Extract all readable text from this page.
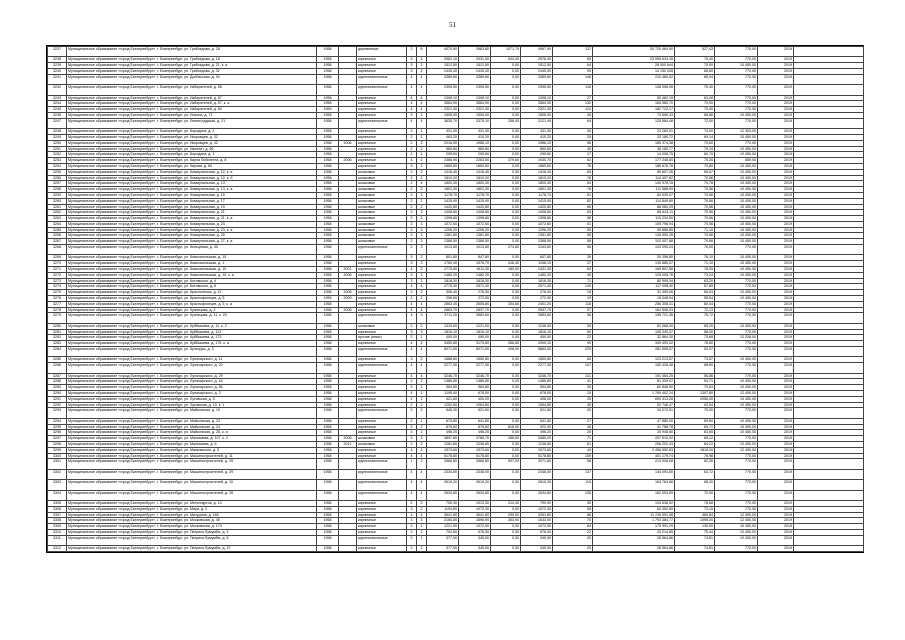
51
3237	Муниципальное образование «город Екатеринбург», г. Екатеринбург, ул. Грибоедова, д. 28	1958		деревянные	2	6	4070,60	3983,80	1071,79	4967,90	137	30 720 484,90	527,43	770,00	2019	
3238	Муниципальное образование «город Екатеринбург», г. Екатеринбург, ул. Грибоедова, д. 16	1958		кирпичные	3	4	2562,10	2031,50	544,40	2578,40	69	23 595 633,45	75,40	770,00	2019	
3239	Муниципальное образование «город Екатеринбург», г. Екатеринбург, ул. Грибоедова, д. 21, к. а	1958		кирпичные	3	3	1512,50	1512,50	0,00	1512,50	64	28 500 644	70,00	10 450,00	2019	
3240	Муниципальное образование «город Екатеринбург», г. Екатеринбург, ул. Грибоедова, д. 32	1958		кирпичные	3	4	2445,30	2445,30	0,00	2445,30	99	14 150 028	68,60	770,00	2019	
3241	Муниципальное образование «город Екатеринбург», г. Екатеринбург, ул. Донбасская, д. 34	1958		крупнопанельные	4	4	3389,60	3389,60	0,00	3389,60	146	210 460,02	65,04	770,00	2019	
3242	Муниципальное образование «город Екатеринбург», г. Екатеринбург, ул. Избирателей, д. 56	1958		крупнопанельные	4	4	2395,50	2395,50	0,00	2395,50	116	138 098,06	75,40	770,00	2019	
3243	Муниципальное образование «город Екатеринбург», г. Екатеринбург, ул. Избирателей, д. 57	1958		кирпичные	4	4	1398,10	1398,10	0,00	1398,10	27	50 462,15	63,08	770,00	2019	
3244	Муниципальное образование «город Екатеринбург», г. Екатеринбург, ул. Избирателей, д. 57, к. а	1958		кирпичные	4	4	3564,90	3564,90	0,00	3564,90	130	165 580,70	70,00	770,00	2019	
3245	Муниципальное образование «город Екатеринбург», г. Екатеринбург, ул. Избирателей, д. 60	1959		кирпичные	4	4	2321,30	2321,30	0,00	2321,30	112	182 722,17	75,40	770,00	2019	
3246	Муниципальное образование «город Екатеринбург», г. Екатеринбург, ул. Ильича, д. 71	1958		кирпичные	3	2	1506,00	1506,00	0,00	1506,00	46	73 596,33	68,86	10 450,00	2019	
3247	Муниципальное образование «город Екатеринбург», г. Екатеринбург, ул. Ленинградская, д. 21	1958		крупнопанельные	4	4	3635,70	3375,10	258,40	3121,40	64	125 584,48	72,00	770,00	2019	
3248	Муниципальное образование «город Екатеринбург», г. Екатеринбург, ул. Бородина, д. 2	1958		кирпичные	2	1	431,30	431,30	0,00	431,30	26	23 260,01	74,00	12 303,00	2019	
3249	Муниципальное образование «город Екатеринбург», г. Екатеринбург, ул. Искровцев, д. 32	1958		кирпичные	2	1	463,20	410,20	0,00	410,20	25	33 189,72	69,14	10 450,00	2019	
3250	Муниципальное образование «город Екатеринбург», г. Екатеринбург, ул. Искровцев, д. 42	1958	2006	кирпичные	2	3	2016,50	1986,10	0,00	1986,10	56	185 374,38	70,60	770,00	2019	
3251	Муниципальное образование «город Екатеринбург», г. Екатеринбург, ул. Изоплит, д. 66	1958		кирпичные	2	2	560,60	560,60	0,00	560,60	40	38 180,77	75,19	10 450,00	2019	
3252	Муниципальное образование «город Екатеринбург», г. Екатеринбург, ул. Бородина, д. 1	1958		кирпичные	2	1	295,60	295,60	0,00	295,60	17	14 006,75	60,70	10 450,00	2019	
3253	Муниципальное образование «город Екатеринбург», г. Екатеринбург, ул. Карла Либкнехта, д. 8	1958	2006	кирпичные	4	2	2466,90	2263,50	379,60	1930,70	62	177 248,50	75,26	859,00	2019	
3254	Муниципальное образование «город Екатеринбург», г. Екатеринбург, ул. Кирова, д. 60	1958		кирпичные	3	3	1860,60	1860,60	0,00	1860,60	76	186 676,78	73,80	10 450,00	2019	
3255	Муниципальное образование «город Екатеринбург», г. Екатеринбург, ул. Коммунальная, д. 12, к. а	1958		шлаковые	2	2	1418,40	1418,40	0,00	1418,40	60	89 607,26	69,57	10 450,00	2019	
3256	Муниципальное образование «город Екатеринбург», г. Екатеринбург, ул. Коммунальная, д. 12, к. б	1958		шлаковые	2	2	1810,20	1810,20	0,00	1810,20	76	114 407,82	70,56	10 450,00	2019	
3257	Муниципальное образование «город Екатеринбург», г. Екатеринбург, ул. Коммунальная, д. 13	1958		шлаковые	2	4	1800,30	1800,30	0,00	1800,30	64	140 976,15	70,78	10 450,00	2019	
3258	Муниципальное образование «город Екатеринбург», г. Екатеринбург, ул. Коммунальная, д. 13, к. а	1958		шлаковые	2	3	1801,30	1801,30	0,00	1801,30	76	111 588,09	70,56	10 450,00	2019	
3259	Муниципальное образование «город Екатеринбург», г. Екатеринбург, ул. Коммунальная, д. 15	1958		шлаковые	2	3	1178,70	1178,70	0,00	1178,70	51	84 939,07	70,56	10 450,00	2019	
3260	Муниципальное образование «город Екатеринбург», г. Екатеринбург, ул. Коммунальная, д. 17	1958		шлаковые	2	2	1415,90	1415,90	0,00	1415,90	62	114 849,60	70,56	10 450,00	2019	
3261	Муниципальное образование «город Екатеринбург», г. Екатеринбург, ул. Коммунальная, д. 19	1958		шлаковые	2	2	1420,80	1420,80	0,00	1420,80	66	88 060,29	70,56	10 450,00	2019	
3262	Муниципальное образование «город Екатеринбург», г. Екатеринбург, ул. Коммунальная, д. 21	1958		шлаковые	2	3	1408,60	1408,60	0,00	1408,60	63	88 643,11	70,56	10 450,00	2019	
3263	Муниципальное образование «город Екатеринбург», г. Екатеринбург, ул. Коммунальная, д. 21, к. а	1958		шлаковые	2	3	1398,80	1398,80	0,00	1398,80	58	110 234,50	70,56	10 450,00	2019	
3264	Муниципальное образование «город Екатеринбург», г. Екатеринбург, ул. Коммунальная, д. 23	1958		шлаковые	2	3	1072,60	1072,60	0,00	1072,60	51	105 798,94	70,56	10 450,00	2019	
3265	Муниципальное образование «город Екатеринбург», г. Екатеринбург, ул. Коммунальная, д. 23, к. а	1958		шлаковые	2	3	1296,20	1296,20	0,00	1296,20	59	99 886,85	71,10	10 450,00	2019	
3266	Муниципальное образование «город Екатеринбург», г. Екатеринбург, ул. Коммунальная, д. 25	1958		шлаковые	2	3	1381,80	1381,80	0,00	1381,80	56	136 500,28	70,56	10 450,00	2019	
3267	Муниципальное образование «город Екатеринбург», г. Екатеринбург, ул. Коммунальная, д. 27, к. а	1958		шлаковые	2	3	1368,50	1368,50	0,00	1368,50	58	102 407,88	70,56	10 450,00	2019	
3268	Муниципальное образование «город Екатеринбург», г. Екатеринбург, ул. Кольцевая, д. 40	1958		крупнопанельные	2	3	1013,80	1013,80	274,80	1343,60	56	103 095,24	76,00	770,00	2019	
3269	Муниципальное образование «город Екатеринбург», г. Екатеринбург, ул. Комсомольская, д. 15	1958		кирпичные	3	2	801,80	847,80	0,00	847,80	39	30 358,80	76,10	10 450,00	2019	
3270	Муниципальное образование «город Екатеринбург», г. Екатеринбург, ул. Комсомольская, д. 1	1958		кирпичные	3	3	1760,40	1576,70	416,40	1158,10	37	135 885,07	71,10	10 450,00	2019	
3271	Муниципальное образование «город Екатеринбург», г. Екатеринбург, ул. Комсомольская, д. 10	1958	2001	кирпичные	4	3	1775,80	1611,30	180,00	1431,30	62	169 807,58	78,05	10 450,00	2019	
3272	Муниципальное образование «город Екатеринбург», г. Екатеринбург, ул. Комсомольская, д. 10, к. а	1958	2008	кирпичные	3	3	1480,20	1482,20	0,00	1482,20	49	125 005,76	73,24	10 450,00	2019	
3273	Муниципальное образование «город Екатеринбург», г. Екатеринбург, ул. Котовского, д. 4	1958		кирпичные	3	3	1818,30	1818,30	0,00	1818,30	71	80 995,34	63,20	770,00	2019	
3274	Муниципальное образование «город Екатеринбург», г. Екатеринбург, ул. Котовского, д. 8	1958		кирпичные	4	4	2775,30	2571,30	0,00	2571,30	140	117 098,40	57,85	770,00	2019	
3275	Муниципальное образование «город Екатеринбург», г. Екатеринбург, ул. Краснолесья, д. 11	1958	2008	кирпичные	2	2	306,40	276,00	0,00	276,00	15	31 359,06	65,03	10 450,00	2019	
3276	Муниципальное образование «город Екатеринбург», г. Екатеринбург, ул. Краснофлотцев, д. 5	1959	2009	кирпичные	2	2	296,60	272,90	0,00	272,90	19	18 048,94	55,54	10 450,00	2019	
3277	Муниципальное образование «город Екатеринбург», г. Екатеринбург, ул. Краснофлотцев, д. 9, к. а	1958		кирпичные	4	4	2863,40	2605,80	204,60	2401,20	118	256 308,31	80,44	770,00	2019	
3278	Муниципальное образование «город Екатеринбург», г. Екатеринбург, ул. Кузнецова, д. 2	1958	2008	кирпичные	4	4	2863,70	2837,70	0,00	2837,70	97	164 596,03	72,13	770,00	2019	
3279	Муниципальное образование «город Екатеринбург», г. Екатеринбург, ул. Кузнецова, д. 11, к. 20	1958		крупнопанельные	4	3	3711,20	3583,60	0,00	3583,60	96	155 721,36	76,72	770,00	2019	
3280	Муниципальное образование «город Екатеринбург», г. Екатеринбург, ул. Куйбышева, д. 11, к. 2	1958		шлаковые	2	3	1315,60	1221,00	0,00	1248,00	39	81 068,90	65,20	10 450,00	2019	
3281	Муниципальное образование «город Екатеринбург», г. Екатеринбург, ул. Куйбышева, д. 121	1958		кирпичные	3	3	1816,10	1816,10	0,00	1816,10	60	105 340,37	58,00	770,00	2019	
3282	Муниципальное образование «город Екатеринбург», г. Екатеринбург, ул. Куйбышева, д. 173	1958		прочие (иные)	2	1	450,00	450,00	0,00	450,00	22	32 864,30	73,68	12 208,00	2019	
3283	Муниципальное образование «город Екатеринбург», г. Екатеринбург, ул. Куйбышева, д. 175, к. а	1958		кирпичные	4	4	3450,80	3175,60	266,50	2909,10	95	349 493,02	78,80	770,00	2019	
3284	Муниципальное образование «город Екатеринбург», г. Екатеринбург, ул. Культуры, д. 3	1958		крупнопанельные	4	4	6071,00	6071,00	208,00	5863,00	229	281 595,57	53,07	770,00	2019	
3285	Муниципальное образование «город Екатеринбург», г. Екатеринбург, ул. Луначарского, д. 11	1958		кирпичные	3	2	1688,80	1550,80	0,00	1550,80	60	123 213,57	73,57	10 450,00	2019	
3286	Муниципальное образование «город Екатеринбург», г. Екатеринбург, ул. Луначарского, д. 20	1958		крупнопанельные	4	4	2277,30	2277,30	0,00	2277,30	107	150 428,48	68,60	770,00	2019	
3287	Муниципальное образование «город Екатеринбург», г. Екатеринбург, ул. Луначарского, д. 29	1958		кирпичные	4	4	3246,70	3246,70	0,00	3246,70	131	191 464,25	56,86	770,00	2019	
3288	Муниципальное образование «город Екатеринбург», г. Екатеринбург, ул. Луначарского, д. 44	1958		кирпичные	2	2	1486,80	1486,80	0,00	1486,80	41	81 339,47	54,71	10 450,00	2019	
3289	Муниципальное образование «город Екатеринбург», г. Екатеринбург, ул. Луначарского, д. 56	1958		кирпичные	2	2	964,80	964,80	0,00	964,80	35	60 846,50	70,63	10 450,00	2019	
3290	Муниципальное образование «город Екатеринбург», г. Екатеринбург, ул. Луначарского, д. 3	1958		кирпичные	4	1	1195,40	678,00	0,00	678,00	15	1 769 402,24	1397,80	12 450,00	2019	
3291	Муниципальное образование «город Екатеринбург», г. Екатеринбург, ул. Луговская, д. 5	1958		кирпичные	2	1	421,60	400,20	0,00	408,00	25	690 313,28	2055,00	10 450,00	2019	
3292	Муниципальное образование «город Екатеринбург», г. Екатеринбург, ул. Луговская, д. 10, к. 1	1958		кирпичные	2	2	1202,60	1064,80	0,00	1064,80	40	52 746,47	53,54	10 450,00	2019	
3293	Муниципальное образование «город Екатеринбург», г. Екатеринбург, ул. Майкопская, д. 19	1958		крупнопанельные	2	2	545,30	521,50	0,00	521,50	20	34 070,51	70,00	770,00	2019	
3294	Муниципальное образование «город Екатеринбург», г. Екатеринбург, ул. Майкопская, д. 23	1958		кирпичные	2	1	675,80	641,80	0,00	641,80	27	47 880,00	69,60	10 450,00	2019	
3295	Муниципальное образование «город Екатеринбург», г. Екатеринбург, ул. Майкопская, д. 24	1958		кирпичные	2	2	875,60	875,60	818,00	922,00	46	41 788,78	65,71	10 450,00	2019	
3296	Муниципальное образование «город Екатеринбург», г. Екатеринбург, ул. Майкопская, д. 28, к. а	1958		кирпичные	2	1	496,20	496,20	0,00	496,20	25	25 948,60	63,65	10 450,00	2019	
3297	Муниципальное образование «город Екатеринбург», г. Екатеринбург, ул. Малышева, д. 107, к. 2	1958	2008	шлаковые	3	3	3897,80	3766,70	286,50	3480,20	71	207 610,92	65,12	770,00	2019	
3298	Муниципальное образование «город Екатеринбург», г. Екатеринбург, ул. Малышева, д. 6	1958	2012	шлаковые	2	2	1281,80	1236,80	0,00	1236,80	61	206 202,43	84,22	10 450,00	2019	
3299	Муниципальное образование «город Екатеринбург», г. Екатеринбург, ул. Маяковского, д. 5	1958		кирпичные	4	3	1573,60	1573,60	0,00	1573,60	44	2 456 550,83	1818,00	12 450,00	2019	
3300	Муниципальное образование «город Екатеринбург», г. Екатеринбург, ул. Машиностроителей, д. 11	1958		кирпичные	4	4	5178,80	5178,80	0,00	5178,80	159	401 179,74	76,98	770,00	2019	
3301	Муниципальное образование «город Екатеринбург», г. Екатеринбург, ул. Машиностроителей, д. 29	1958		крупнопанельные	1	3	2668,80	2668,80	597,00	2071,80	58	213 908,08	82,26	770,00	2019	
3302	Муниципальное образование «город Екатеринбург», г. Екатеринбург, ул. Машиностроителей, д. 29	1958		крупнопанельные	4	4	2334,80	2346,00	0,00	2346,00	137	144 094,50	63,72	770,00	2019	
3303	Муниципальное образование «город Екатеринбург», г. Екатеринбург, ул. Машиностроителей, д. 10	1958		крупнопанельные	4	4	2610,20	2610,20	0,00	2610,20	115	163 763,68	68,20	770,00	2019	
3304	Муниципальное образование «город Екатеринбург», г. Екатеринбург, ул. Машиностроителей, д. 28	1958		крупнопанельные	4	4	2634,80	2634,80	0,00	2634,80	105	162 003,69	70,00	770,00	2019	
3305	Муниципальное образование «город Екатеринбург», г. Екатеринбург, ул. Металлургов, д. 13	1958		кирпичные	2	2	750,30	1013,30	214,30	799,00	35	134 638,92	78,68	770,00	2019	
3306	Муниципальное образование «город Екатеринбург», г. Екатеринбург, ул. Мира, д. 3	1958		кирпичные	3	2	1194,60	1072,30	0,00	1072,30	55	60 352,69	73,15	770,00	2019	
3307	Муниципальное образование «город Екатеринбург», г. Екатеринбург, ул. Мичурина, д. 166	1958		кирпичные	4	4	3641,80	3641,80	290,00	3351,80	88	11 745 591,98	460,84	12 450,00	2019	
3308	Муниципальное образование «город Екатеринбург», г. Екатеринбург, ул. Московская, д. 45	1958		кирпичные	3	3	2160,80	1896,90	263,90	1633,00	70	1 793 384,77	1095,20	12 450,00	2019	
3309	Муниципальное образование «город Екатеринбург», г. Екатеринбург, ул. Московская, д. 174	1958		кирпичные	2	1	1221,90	1072,90	0,00	1072,90	84	175 991,29	139,50	10 450,00	2019	
3310	Муниципальное образование «город Екатеринбург», г. Екатеринбург, ул. Патриса Лумумбы, д. 4	1958		кирпичные	2	1	702,60	576,00	0,00	576,00	22	43 214,85	75,44	10 450,00	2019	
3311	Муниципальное образование «город Екатеринбург», г. Екатеринбург, ул. Патриса Лумумбы, д. 6	1958		крупнопанельные	2	1	377,90	345,90	0,00	345,90	20	28 564,86	74,81	10 450,00	2019	
3312	Муниципальное образование «город Екатеринбург», г. Екатеринбург, ул. Патриса Лумумбы, д. 37	1958		кирпичные	2	1	377,90	345,90	0,00	345,90	20	28 564,86	74,81	770,00	2019	
